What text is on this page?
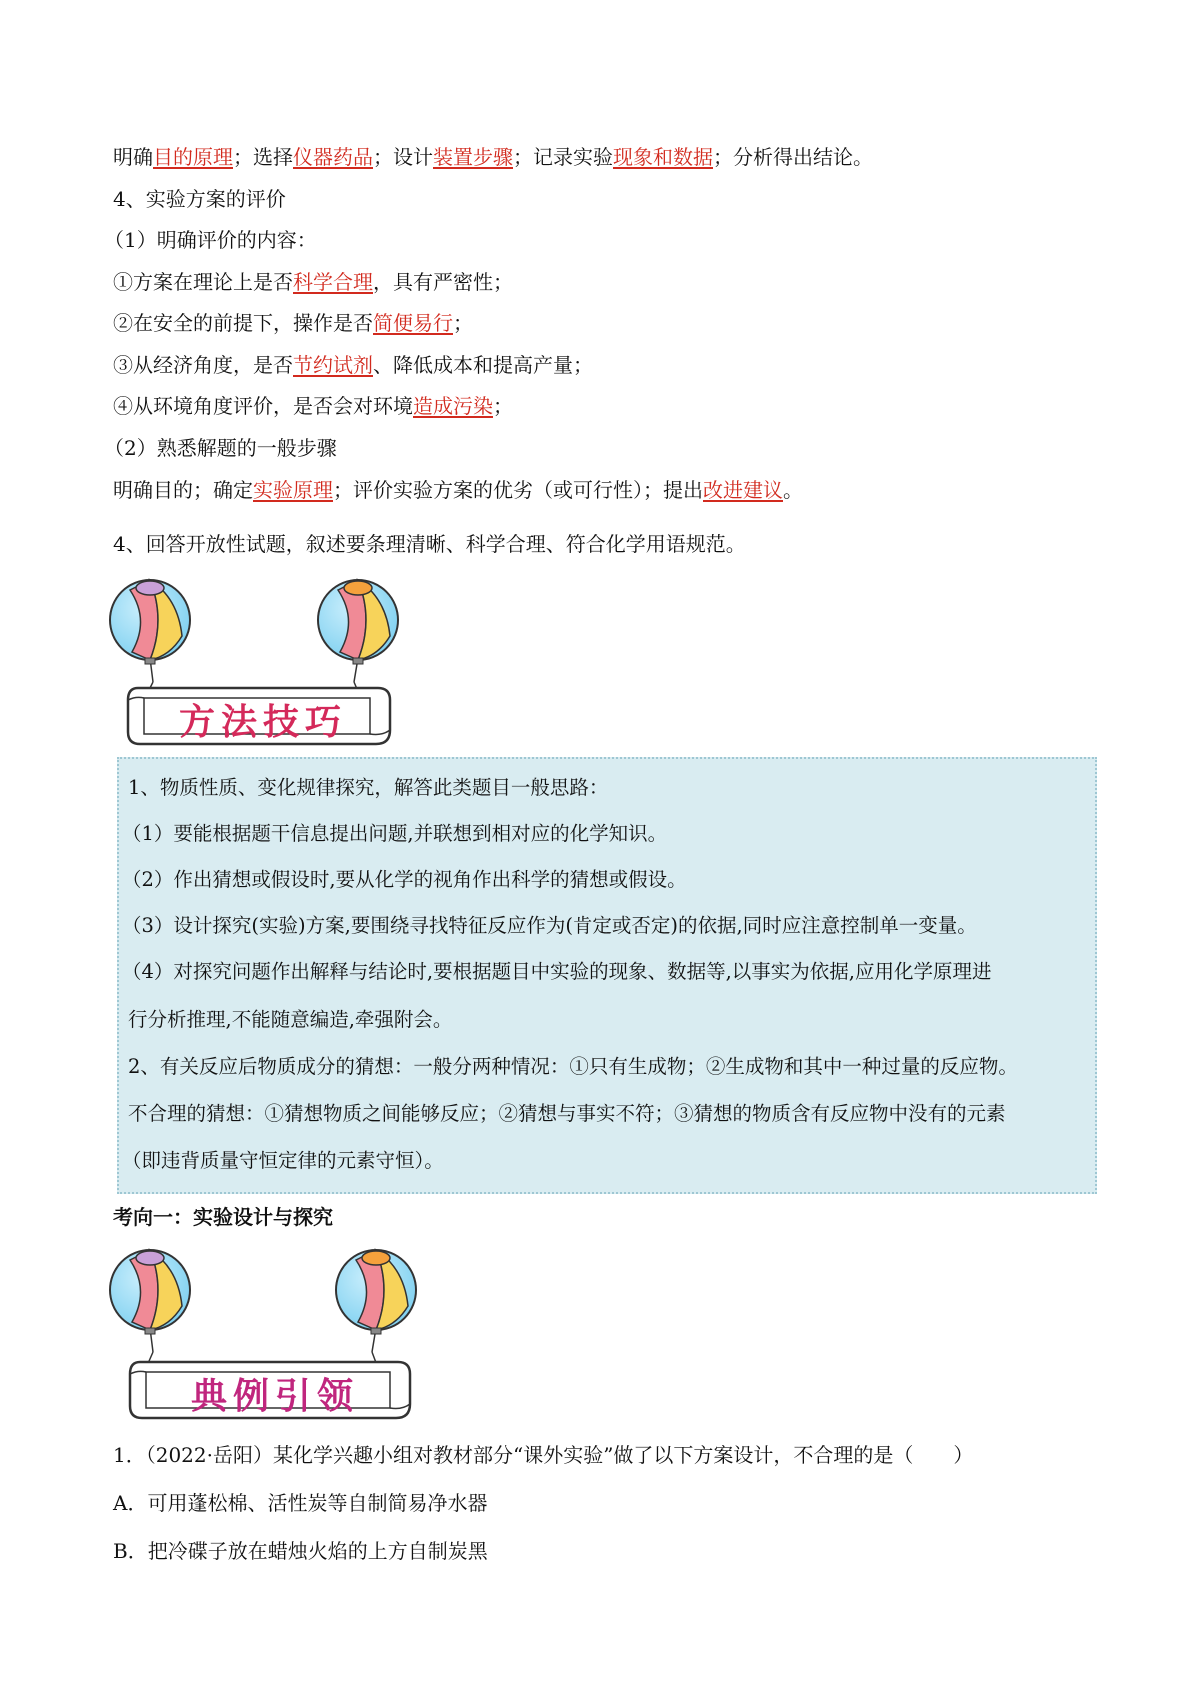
明确目的原理；选择仪器药品；设计装置步骤；记录实验现象和数据；分析得出结论。
4、实验方案的评价
（1）明确评价的内容：
①方案在理论上是否科学合理，具有严密性；
②在安全的前提下，操作是否简便易行；
③从经济角度，是否节约试剂、降低成本和提高产量；
④从环境角度评价，是否会对环境造成污染；
（2）熟悉解题的一般步骤
明确目的；确定实验原理；评价实验方案的优劣（或可行性）；提出改进建议。
4、回答开放性试题，叙述要条理清晰、科学合理、符合化学用语规范。
方法技巧
1、物质性质、变化规律探究，解答此类题目一般思路：
（1）要能根据题干信息提出问题,并联想到相对应的化学知识。
（2）作出猜想或假设时,要从化学的视角作出科学的猜想或假设。
（3）设计探究(实验)方案,要围绕寻找特征反应作为(肯定或否定)的依据,同时应注意控制单一变量。
（4）对探究问题作出解释与结论时,要根据题目中实验的现象、数据等,以事实为依据,应用化学原理进
行分析推理,不能随意编造,牵强附会。
2、有关反应后物质成分的猜想：一般分两种情况：①只有生成物；②生成物和其中一种过量的反应物。
不合理的猜想：①猜想物质之间能够反应；②猜想与事实不符；③猜想的物质含有反应物中没有的元素
（即违背质量守恒定律的元素守恒）。
考向一：实验设计与探究
典例引领
1．（2022·岳阳）某化学兴趣小组对教材部分“课外实验”做了以下方案设计，不合理的是（　　）
A．可用蓬松棉、活性炭等自制简易净水器
B．把冷碟子放在蜡烛火焰的上方自制炭黑
